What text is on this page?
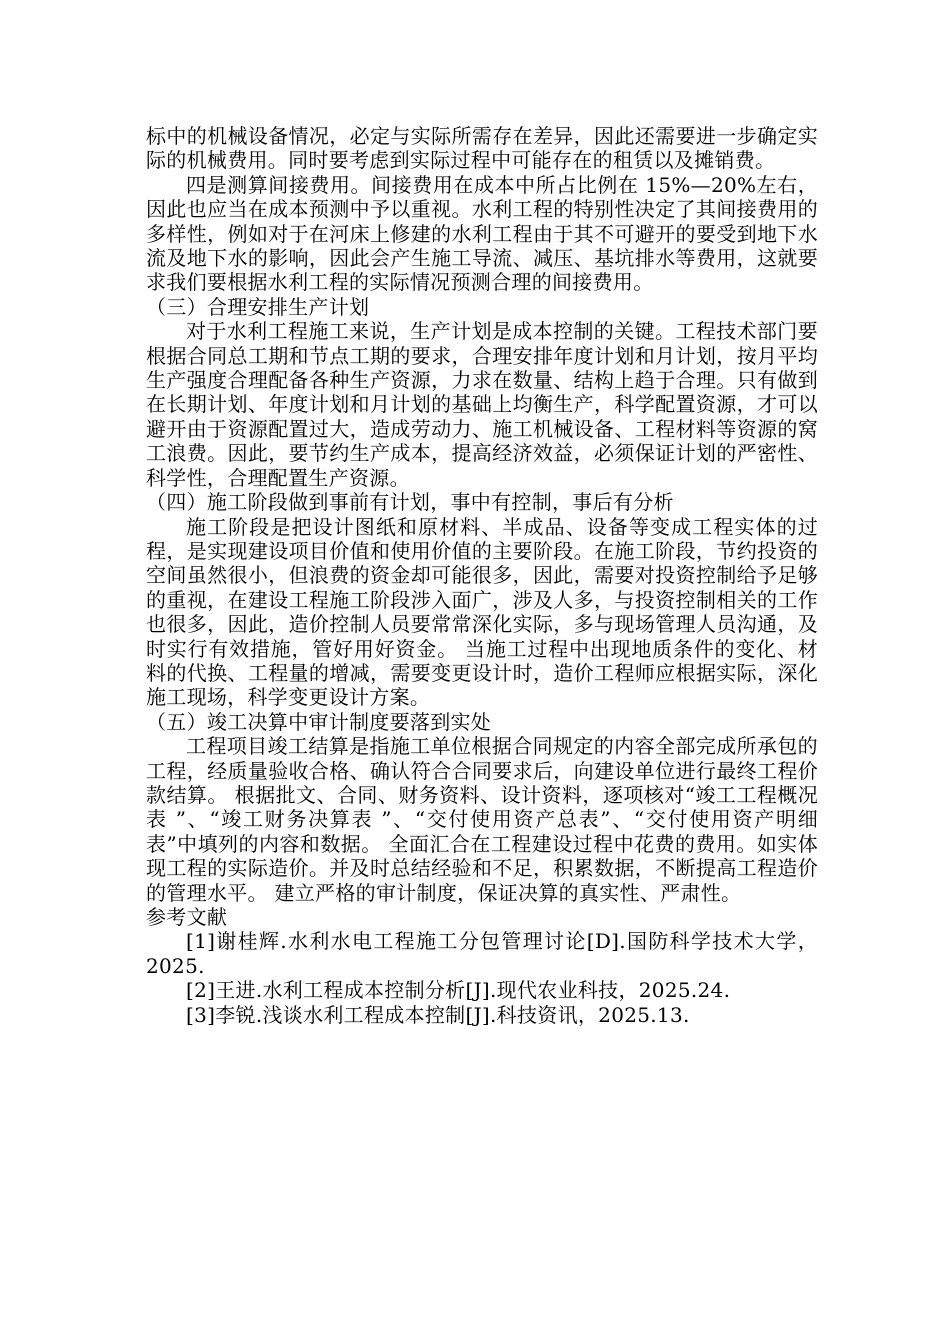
标中的机械设备情况，必定与实际所需存在差异，因此还需要进一步确定实际的机械费用。同时要考虑到实际过程中可能存在的租赁以及摊销费。

四是测算间接费用。间接费用在成本中所占比例在 15%—20%左右，因此也应当在成本预测中予以重视。水利工程的特别性决定了其间接费用的多样性，例如对于在河床上修建的水利工程由于其不可避开的要受到地下水流及地下水的影响，因此会产生施工导流、减压、基坑排水等费用，这就要求我们要根据水利工程的实际情况预测合理的间接费用。

（三）合理安排生产计划

对于水利工程施工来说，生产计划是成本控制的关键。工程技术部门要根据合同总工期和节点工期的要求，合理安排年度计划和月计划，按月平均生产强度合理配备各种生产资源，力求在数量、结构上趋于合理。只有做到在长期计划、年度计划和月计划的基础上均衡生产，科学配置资源，才可以避开由于资源配置过大，造成劳动力、施工机械设备、工程材料等资源的窝工浪费。因此，要节约生产成本，提高经济效益，必须保证计划的严密性、科学性，合理配置生产资源。

（四）施工阶段做到事前有计划，事中有控制，事后有分析

施工阶段是把设计图纸和原材料、半成品、设备等变成工程实体的过程，是实现建设项目价值和使用价值的主要阶段。在施工阶段，节约投资的空间虽然很小，但浪费的资金却可能很多，因此，需要对投资控制给予足够的重视，在建设工程施工阶段涉入面广，涉及人多，与投资控制相关的工作也很多，因此，造价控制人员要常常深化实际，多与现场管理人员沟通，及时实行有效措施，管好用好资金。 当施工过程中出现地质条件的变化、材料的代换、工程量的增减，需要变更设计时，造价工程师应根据实际，深化施工现场，科学变更设计方案。

（五）竣工决算中审计制度要落到实处

工程项目竣工结算是指施工单位根据合同规定的内容全部完成所承包的工程，经质量验收合格、确认符合合同要求后，向建设单位进行最终工程价款结算。 根据批文、合同、财务资料、设计资料，逐项核对“竣工工程概况表 ”、“竣工财务决算表 ”、“交付使用资产总表”、“交付使用资产明细表”中填列的内容和数据。 全面汇合在工程建设过程中花费的费用。如实体现工程的实际造价。并及时总结经验和不足，积累数据，不断提高工程造价的管理水平。 建立严格的审计制度，保证决算的真实性、严肃性。

参考文献

[1]谢桂辉.水利水电工程施工分包管理讨论[D].国防科学技术大学，2025.

[2]王进.水利工程成本控制分析[J].现代农业科技，2025.24.

[3]李锐.浅谈水利工程成本控制[J].科技资讯，2025.13.
